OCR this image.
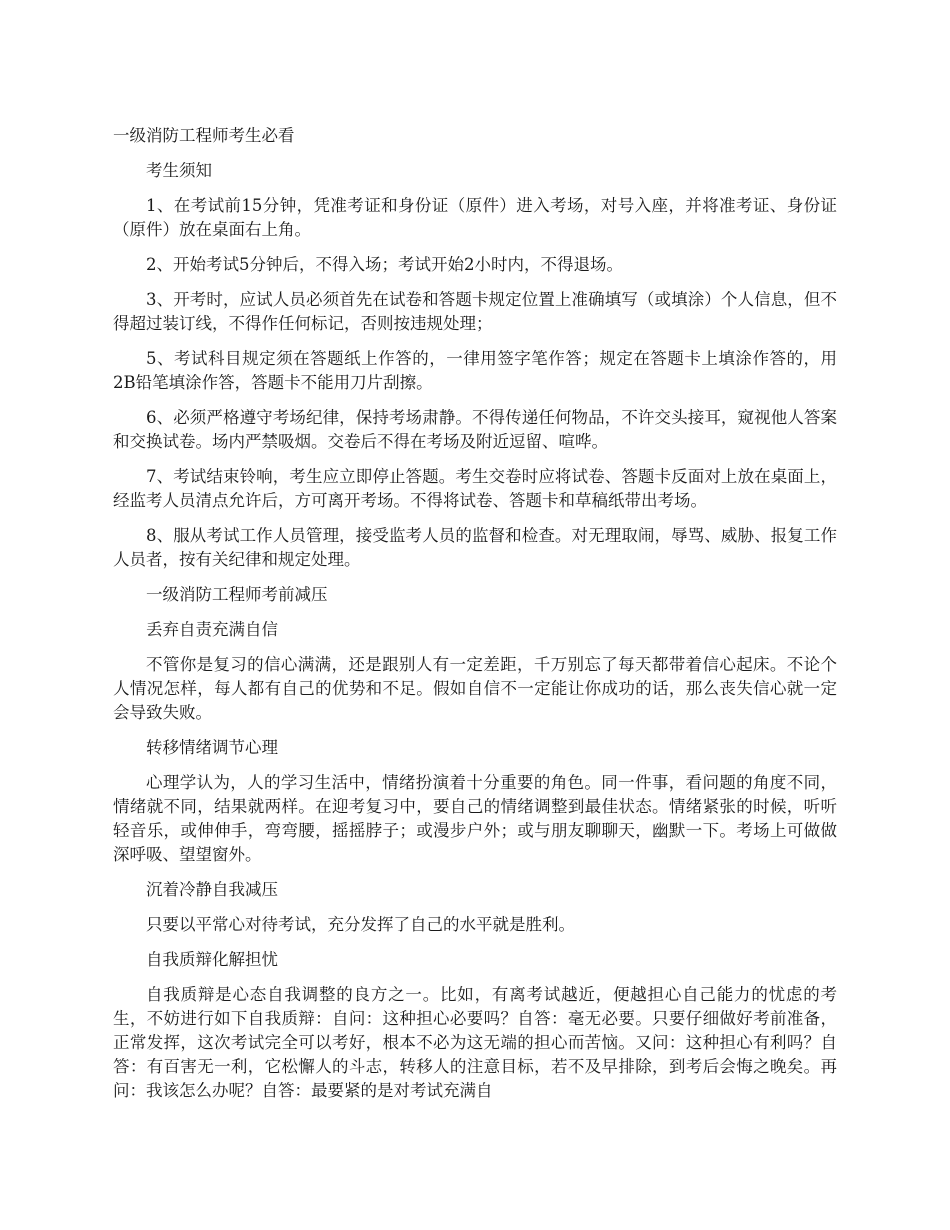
一级消防工程师考生必看

考生须知

1、在考试前15分钟，凭准考证和身份证（原件）进入考场，对号入座，并将准考证、身份证（原件）放在桌面右上角。

2、开始考试5分钟后，不得入场；考试开始2小时内，不得退场。

3、开考时，应试人员必须首先在试卷和答题卡规定位置上准确填写（或填涂）个人信息，但不得超过装订线，不得作任何标记，否则按违规处理；

5、考试科目规定须在答题纸上作答的，一律用签字笔作答；规定在答题卡上填涂作答的，用2B铅笔填涂作答，答题卡不能用刀片刮擦。

6、必须严格遵守考场纪律，保持考场肃静。不得传递任何物品，不许交头接耳，窥视他人答案和交换试卷。场内严禁吸烟。交卷后不得在考场及附近逗留、喧哗。

7、考试结束铃响，考生应立即停止答题。考生交卷时应将试卷、答题卡反面对上放在桌面上，经监考人员清点允许后，方可离开考场。不得将试卷、答题卡和草稿纸带出考场。

8、服从考试工作人员管理，接受监考人员的监督和检查。对无理取闹，辱骂、威胁、报复工作人员者，按有关纪律和规定处理。

一级消防工程师考前减压

丢弃自责充满自信

不管你是复习的信心满满，还是跟别人有一定差距，千万别忘了每天都带着信心起床。不论个人情况怎样，每人都有自己的优势和不足。假如自信不一定能让你成功的话，那么丧失信心就一定会导致失败。

转移情绪调节心理

心理学认为，人的学习生活中，情绪扮演着十分重要的角色。同一件事，看问题的角度不同，情绪就不同，结果就两样。在迎考复习中，要自己的情绪调整到最佳状态。情绪紧张的时候，听听轻音乐，或伸伸手，弯弯腰，摇摇脖子；或漫步户外；或与朋友聊聊天，幽默一下。考场上可做做深呼吸、望望窗外。

沉着冷静自我减压

只要以平常心对待考试，充分发挥了自己的水平就是胜利。

自我质辩化解担忧

自我质辩是心态自我调整的良方之一。比如，有离考试越近，便越担心自己能力的忧虑的考生，不妨进行如下自我质辩：自问：这种担心必要吗？自答：毫无必要。只要仔细做好考前准备，正常发挥，这次考试完全可以考好，根本不必为这无端的担心而苦恼。又问：这种担心有利吗？自答：有百害无一利，它松懈人的斗志，转移人的注意目标，若不及早排除，到考后会悔之晚矣。再问：我该怎么办呢？自答：最要紧的是对考试充满自
